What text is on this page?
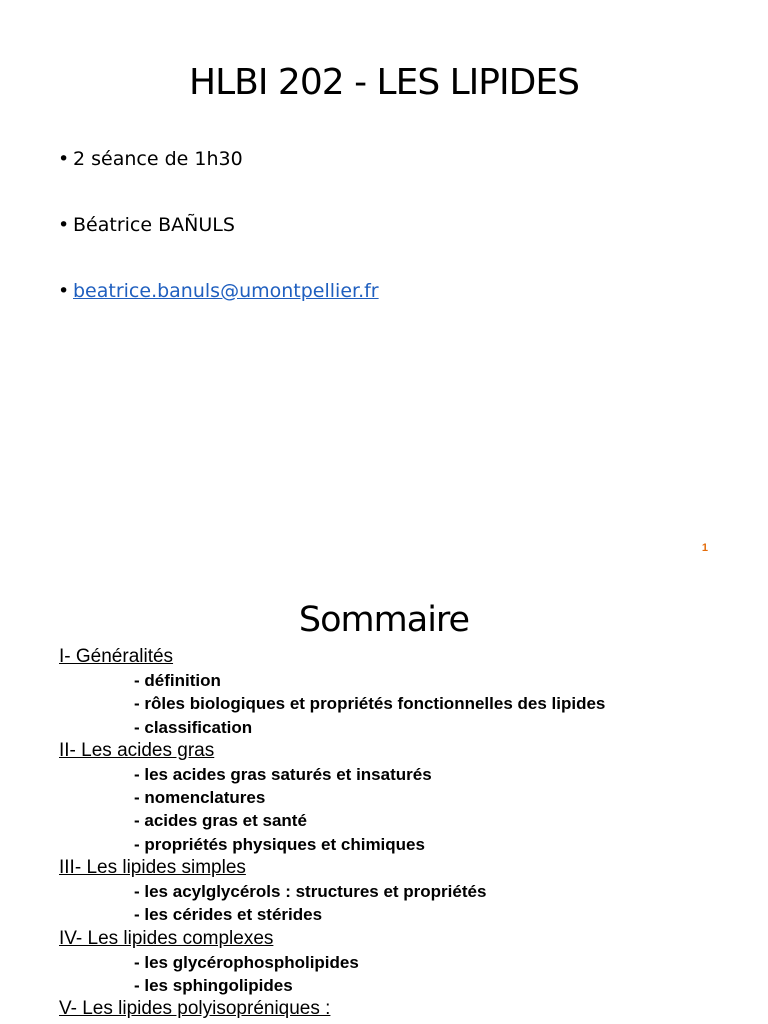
HLBI 202 - LES LIPIDES
• 2 séance de 1h30
• Béatrice BAÑULS
• beatrice.banuls@umontpellier.fr
1
Sommaire
I- Généralités
- définition
- rôles biologiques et propriétés fonctionnelles des lipides
- classification
II- Les acides gras
- les acides gras saturés et insaturés
- nomenclatures
- acides gras et santé
- propriétés physiques et chimiques
III- Les lipides simples
- les acylglycérols : structures et propriétés
- les cérides et stérides
IV- Les lipides complexes
- les glycérophospholipides
- les sphingolipides
V- Les lipides polyisopréniques :
